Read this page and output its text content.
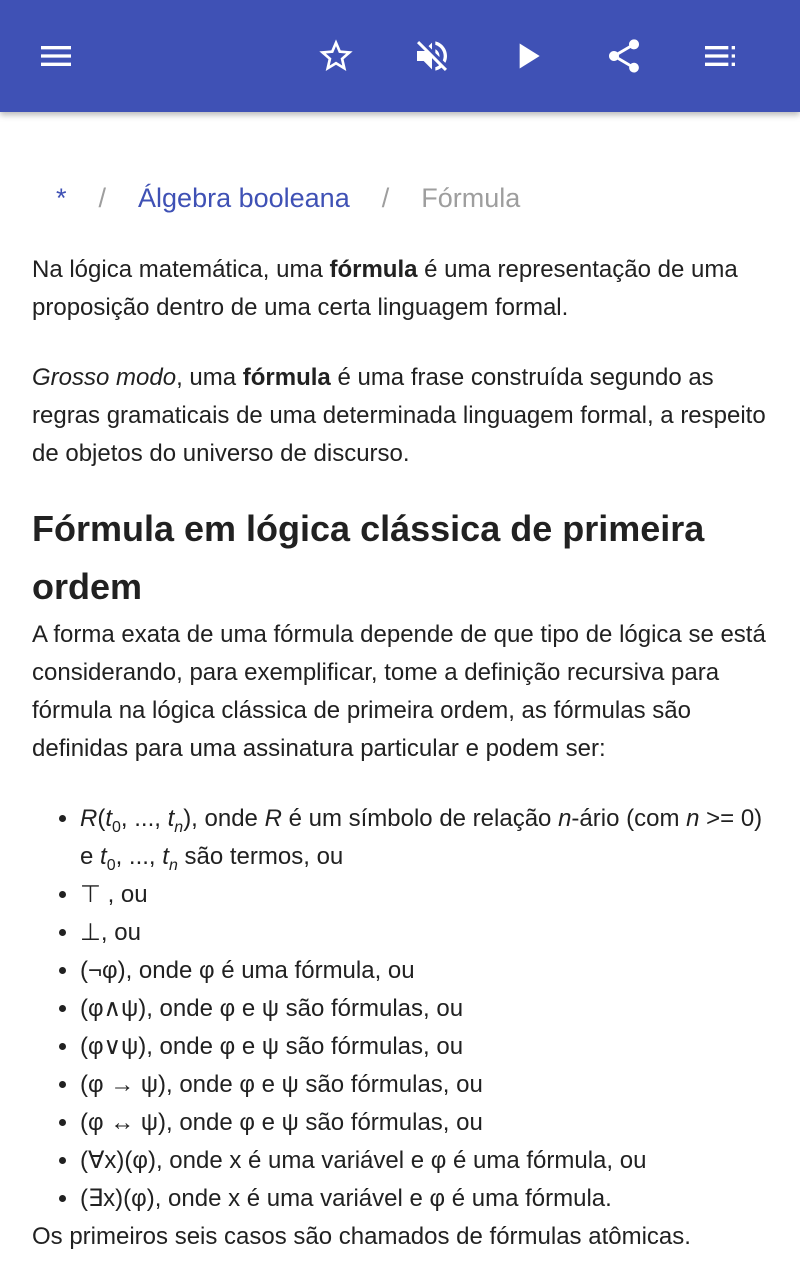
* / Álgebra booleana / Fórmula

Na lógica matemática, uma fórmula é uma representação de uma proposição dentro de uma certa linguagem formal.

Grosso modo, uma fórmula é uma frase construída segundo as regras gramaticais de uma determinada linguagem formal, a respeito de objetos do universo de discurso.

Fórmula em lógica clássica de primeira ordem

A forma exata de uma fórmula depende de que tipo de lógica se está considerando, para exemplificar, tome a definição recursiva para fórmula na lógica clássica de primeira ordem, as fórmulas são definidas para uma assinatura particular e podem ser:

• $R(t_0$, ..., $t_n$), onde R é um símbolo de relação n-ário (com n >= 0) e $t_0$, ..., $t_n$ são termos, ou
• ⊤ , ou
• ⊥, ou
• (¬φ), onde φ é uma fórmula, ou
• (φ∧ψ), onde φ e ψ são fórmulas, ou
• (φ∨ψ), onde φ e ψ são fórmulas, ou
• (φ → ψ), onde φ e ψ são fórmulas, ou
• (φ ↔ ψ), onde φ e ψ são fórmulas, ou
• (∀x)(φ), onde x é uma variável e φ é uma fórmula, ou
• (∃x)(φ), onde x é uma variável e φ é uma fórmula.

Os primeiros seis casos são chamados de fórmulas atômicas.
